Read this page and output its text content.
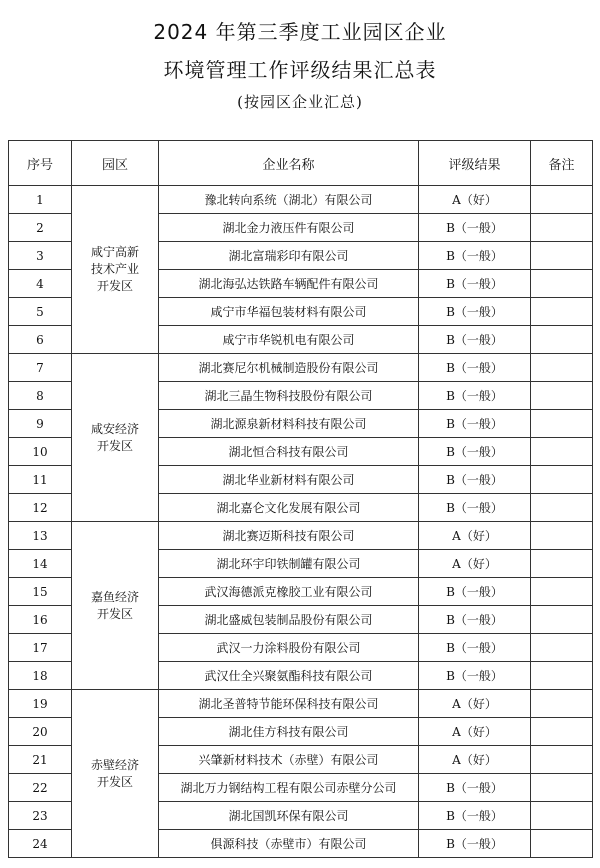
2024 年第三季度工业园区企业
环境管理工作评级结果汇总表
(按园区企业汇总)
序号	园区	企业名称	评级结果	备注
1	咸宁高新技术产业开发区	豫北转向系统（湖北）有限公司	A（好）	
2		湖北金力液压件有限公司	B（一般）	
3		湖北富瑞彩印有限公司	B（一般）	
4		湖北海弘达铁路车辆配件有限公司	B（一般）	
5		咸宁市华福包装材料有限公司	B（一般）	
6		咸宁市华锐机电有限公司	B（一般）	
7	咸安经济开发区	湖北赛尼尔机械制造股份有限公司	B（一般）	
8		湖北三晶生物科技股份有限公司	B（一般）	
9		湖北源泉新材料科技有限公司	B（一般）	
10		湖北恒合科技有限公司	B（一般）	
11		湖北华业新材料有限公司	B（一般）	
12		湖北嘉仑文化发展有限公司	B（一般）	
13	嘉鱼经济开发区	湖北赛迈斯科技有限公司	A（好）	
14		湖北环宇印铁制罐有限公司	A（好）	
15		武汉海德派克橡胶工业有限公司	B（一般）	
16		湖北盛威包装制品股份有限公司	B（一般）	
17		武汉一力涂料股份有限公司	B（一般）	
18		武汉仕全兴聚氨酯科技有限公司	B（一般）	
19	赤壁经济开发区	湖北圣普特节能环保科技有限公司	A（好）	
20		湖北佳方科技有限公司	A（好）	
21		兴肇新材料技术（赤壁）有限公司	A（好）	
22		湖北万力钢结构工程有限公司赤壁分公司	B（一般）	
23		湖北国凯环保有限公司	B（一般）	
24		俱源科技（赤壁市）有限公司	B（一般）	
